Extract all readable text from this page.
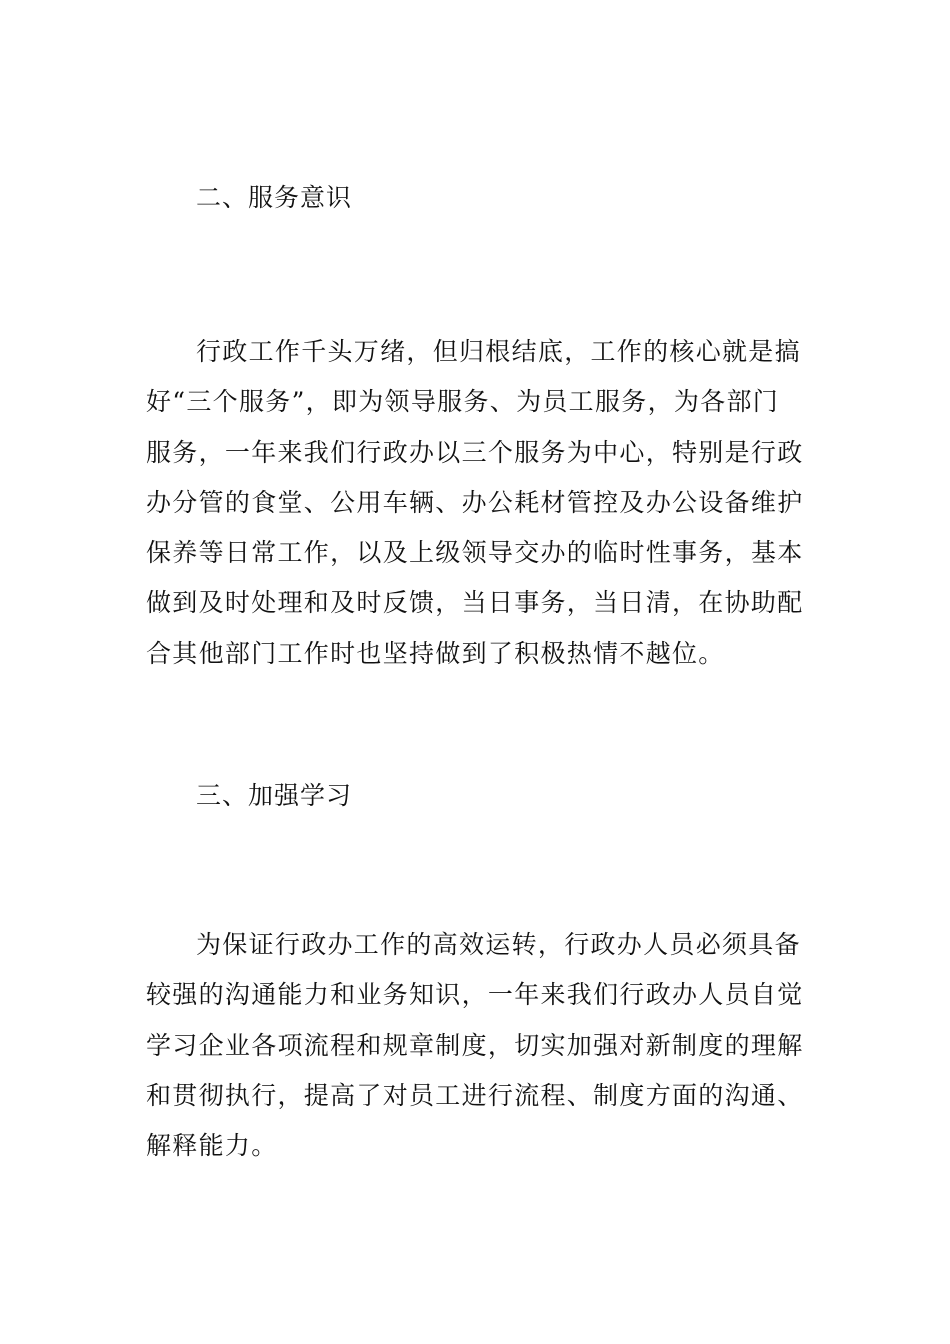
二、服务意识
行政工作千头万绪，但归根结底，工作的核心就是搞
好“三个服务”，即为领导服务、为员工服务，为各部门
服务，一年来我们行政办以三个服务为中心，特别是行政
办分管的食堂、公用车辆、办公耗材管控及办公设备维护
保养等日常工作，以及上级领导交办的临时性事务，基本
做到及时处理和及时反馈，当日事务，当日清，在协助配
合其他部门工作时也坚持做到了积极热情不越位。
三、加强学习
为保证行政办工作的高效运转，行政办人员必须具备
较强的沟通能力和业务知识，一年来我们行政办人员自觉
学习企业各项流程和规章制度，切实加强对新制度的理解
和贯彻执行，提高了对员工进行流程、制度方面的沟通、
解释能力。
